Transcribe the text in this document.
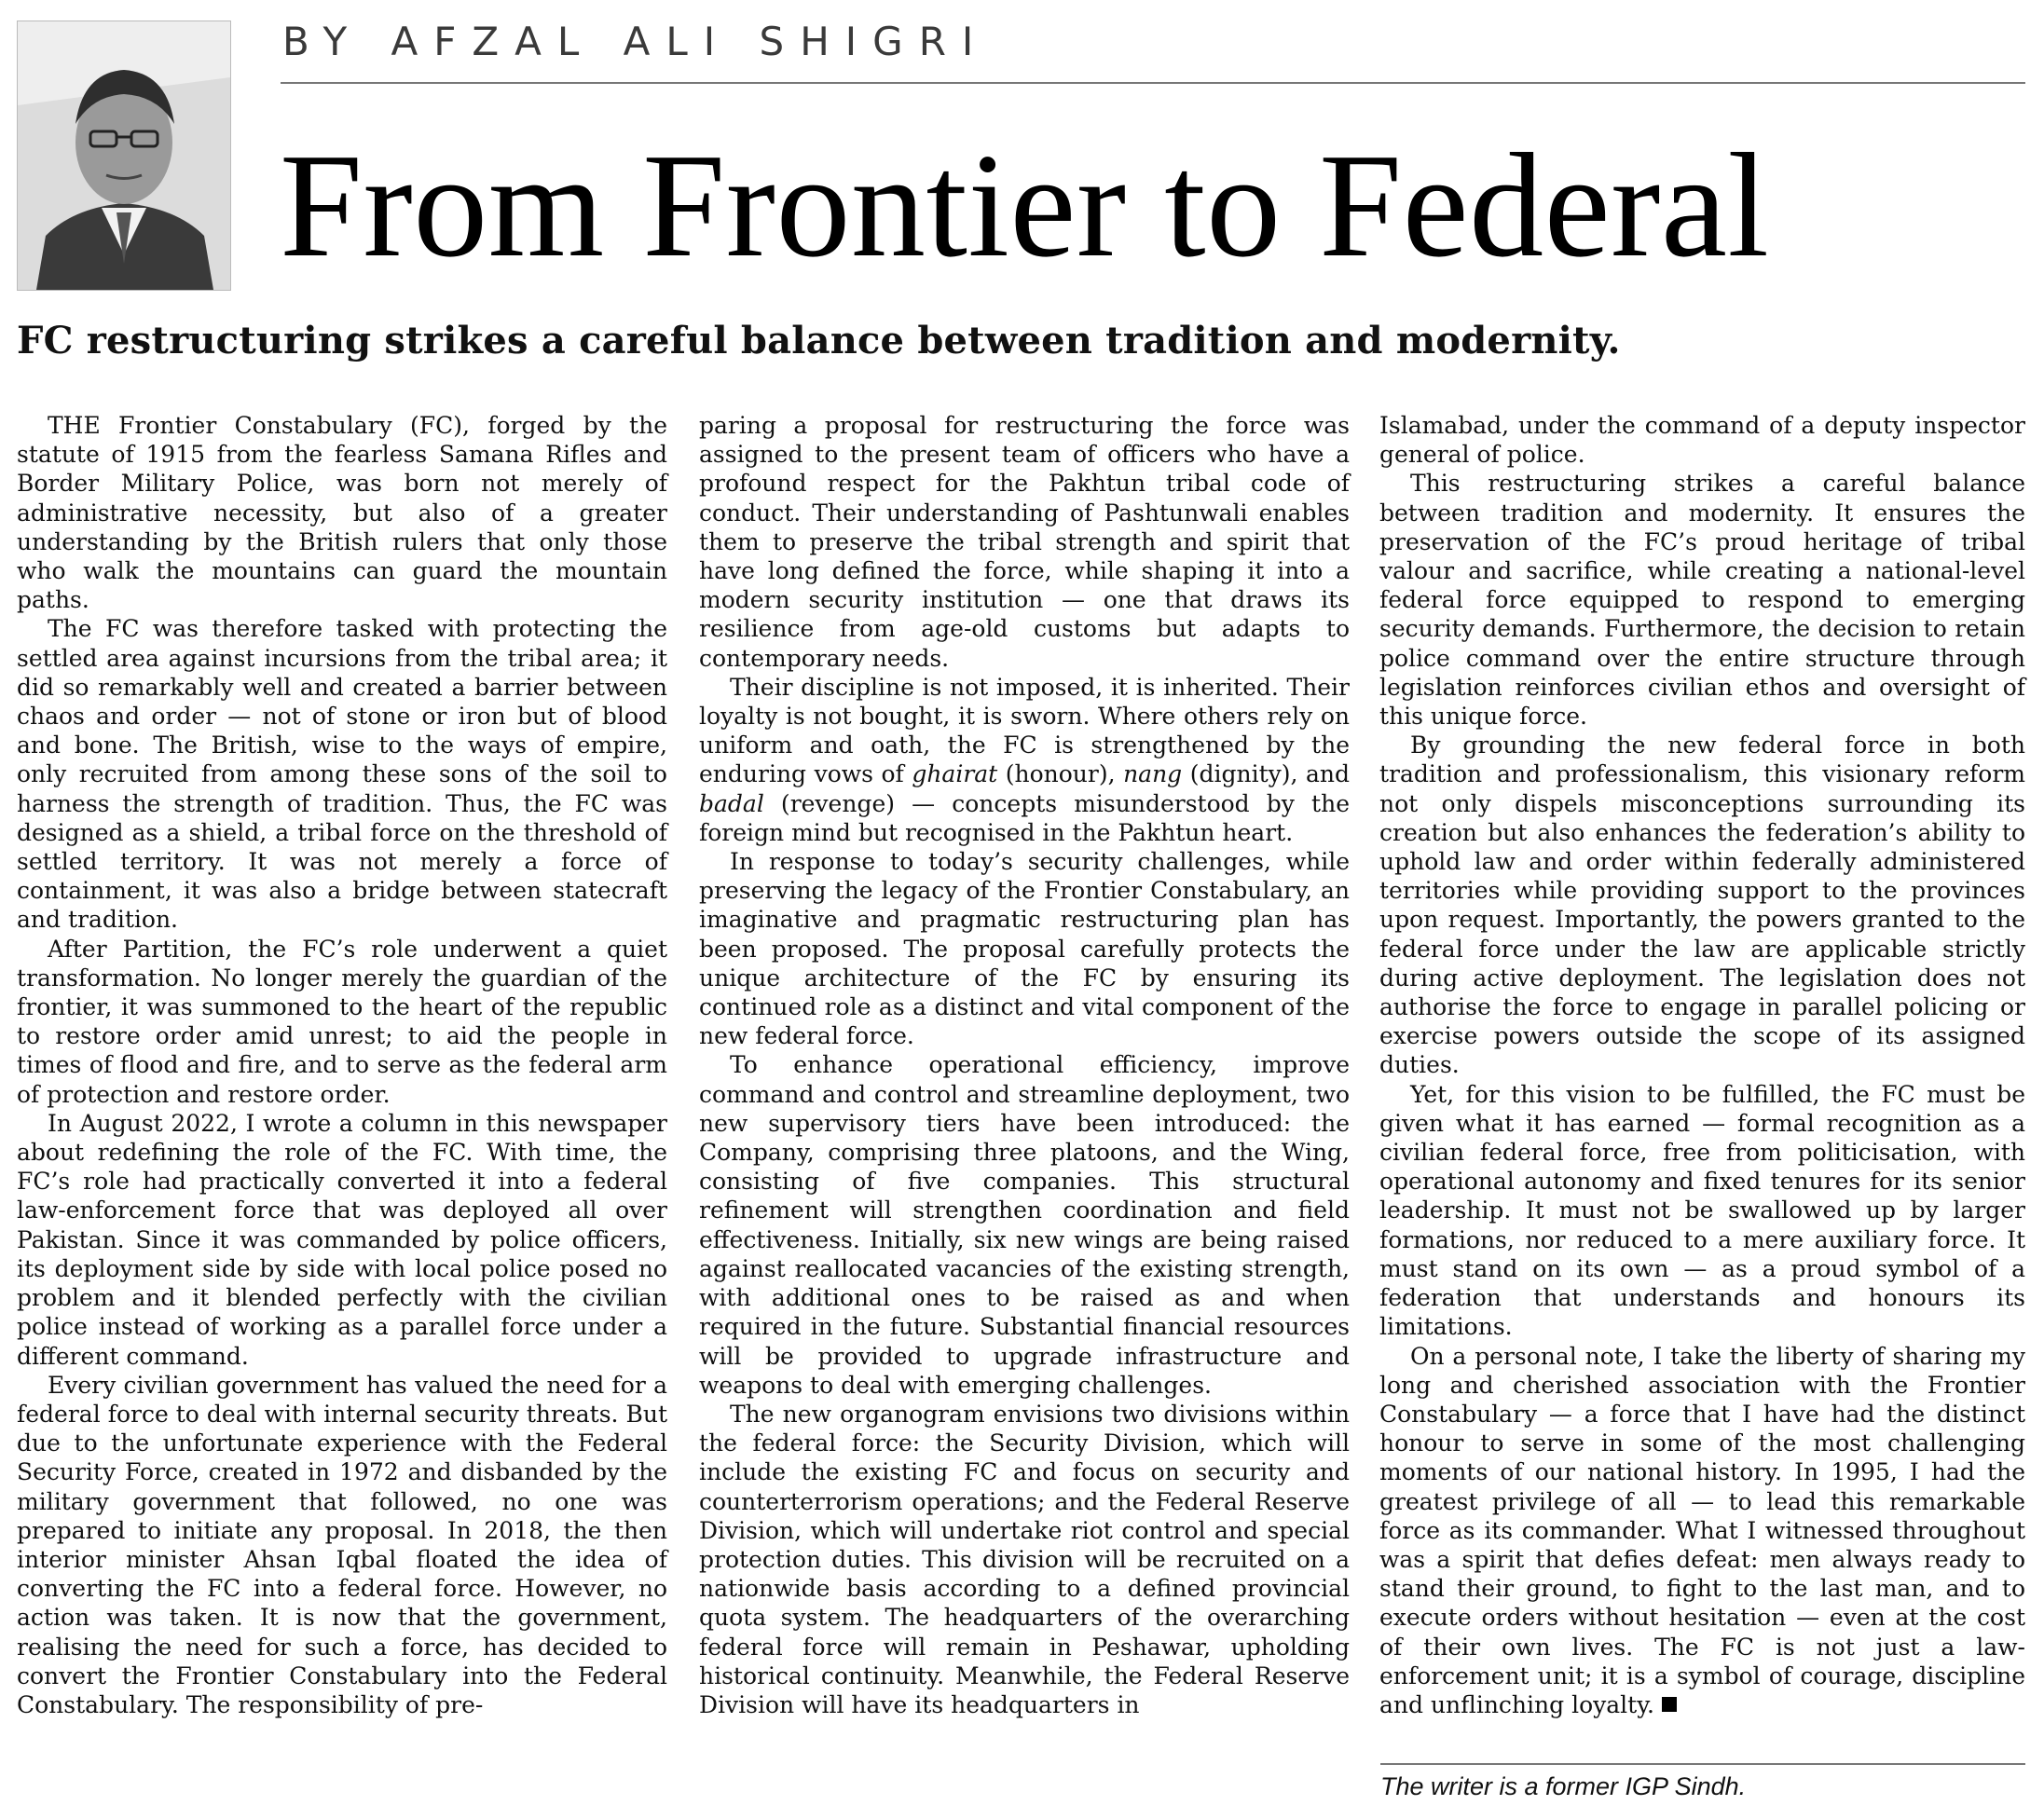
BY AFZAL ALI SHIGRI
From Frontier to Federal
FC restructuring strikes a careful balance between tradition and modernity.

THE Frontier Constabulary (FC), forged by the statute of 1915 from the fearless Samana Rifles and Border Military Police, was born not merely of administrative necessity, but also of a greater understanding by the British rulers that only those who walk the mountains can guard the mountain paths.

The FC was therefore tasked with protecting the settled area against incursions from the tribal area; it did so remarkably well and created a barrier between chaos and order — not of stone or iron but of blood and bone. The British, wise to the ways of empire, only recruited from among these sons of the soil to harness the strength of tradition. Thus, the FC was designed as a shield, a tribal force on the threshold of settled territory. It was not merely a force of containment, it was also a bridge between statecraft and tradition.

After Partition, the FC’s role underwent a quiet transformation. No longer merely the guardian of the frontier, it was summoned to the heart of the republic to restore order amid unrest; to aid the people in times of flood and fire, and to serve as the federal arm of protection and restore order.

In August 2022, I wrote a column in this newspaper about redefining the role of the FC. With time, the FC’s role had practically converted it into a federal law-enforcement force that was deployed all over Pakistan. Since it was commanded by police officers, its deployment side by side with local police posed no problem and it blended perfectly with the civilian police instead of working as a parallel force under a different command.

Every civilian government has valued the need for a federal force to deal with internal security threats. But due to the unfortunate experience with the Federal Security Force, created in 1972 and disbanded by the military government that followed, no one was prepared to initiate any proposal. In 2018, the then interior minister Ahsan Iqbal floated the idea of converting the FC into a federal force. However, no action was taken. It is now that the government, realising the need for such a force, has decided to convert the Frontier Constabulary into the Federal Constabulary. The responsibility of pre-

paring a proposal for restructuring the force was assigned to the present team of officers who have a profound respect for the Pakhtun tribal code of conduct. Their understanding of Pashtunwali enables them to preserve the tribal strength and spirit that have long defined the force, while shaping it into a modern security institution — one that draws its resilience from age-old customs but adapts to contemporary needs.

Their discipline is not imposed, it is inherited. Their loyalty is not bought, it is sworn. Where others rely on uniform and oath, the FC is strengthened by the enduring vows of ghairat (honour), nang (dignity), and badal (revenge) — concepts misunderstood by the foreign mind but recognised in the Pakhtun heart.

In response to today’s security challenges, while preserving the legacy of the Frontier Constabulary, an imaginative and pragmatic restructuring plan has been proposed. The proposal carefully protects the unique architecture of the FC by ensuring its continued role as a distinct and vital component of the new federal force.

To enhance operational efficiency, improve command and control and streamline deployment, two new supervisory tiers have been introduced: the Company, comprising three platoons, and the Wing, consisting of five companies. This structural refinement will strengthen coordination and field effectiveness. Initially, six new wings are being raised against reallocated vacancies of the existing strength, with additional ones to be raised as and when required in the future. Substantial financial resources will be provided to upgrade infrastructure and weapons to deal with emerging challenges.

The new organogram envisions two divisions within the federal force: the Security Division, which will include the existing FC and focus on security and counterterrorism operations; and the Federal Reserve Division, which will undertake riot control and special protection duties. This division will be recruited on a nationwide basis according to a defined provincial quota system. The headquarters of the overarching federal force will remain in Peshawar, upholding historical continuity. Meanwhile, the Federal Reserve Division will have its headquarters in

Islamabad, under the command of a deputy inspector general of police.

This restructuring strikes a careful balance between tradition and modernity. It ensures the preservation of the FC’s proud heritage of tribal valour and sacrifice, while creating a national-level federal force equipped to respond to emerging security demands. Furthermore, the decision to retain police command over the entire structure through legislation reinforces civilian ethos and oversight of this unique force.

By grounding the new federal force in both tradition and professionalism, this visionary reform not only dispels misconceptions surrounding its creation but also enhances the federation’s ability to uphold law and order within federally administered territories while providing support to the provinces upon request. Importantly, the powers granted to the federal force under the law are applicable strictly during active deployment. The legislation does not authorise the force to engage in parallel policing or exercise powers outside the scope of its assigned duties.

Yet, for this vision to be fulfilled, the FC must be given what it has earned — formal recognition as a civilian federal force, free from politicisation, with operational autonomy and fixed tenures for its senior leadership. It must not be swallowed up by larger formations, nor reduced to a mere auxiliary force. It must stand on its own — as a proud symbol of a federation that understands and honours its limitations.

On a personal note, I take the liberty of sharing my long and cherished association with the Frontier Constabulary — a force that I have had the distinct honour to serve in some of the most challenging moments of our national history. In 1995, I had the greatest privilege of all — to lead this remarkable force as its commander. What I witnessed throughout was a spirit that defies defeat: men always ready to stand their ground, to fight to the last man, and to execute orders without hesitation — even at the cost of their own lives. The FC is not just a law-enforcement unit; it is a symbol of courage, discipline and unflinching loyalty.

The writer is a former IGP Sindh.
